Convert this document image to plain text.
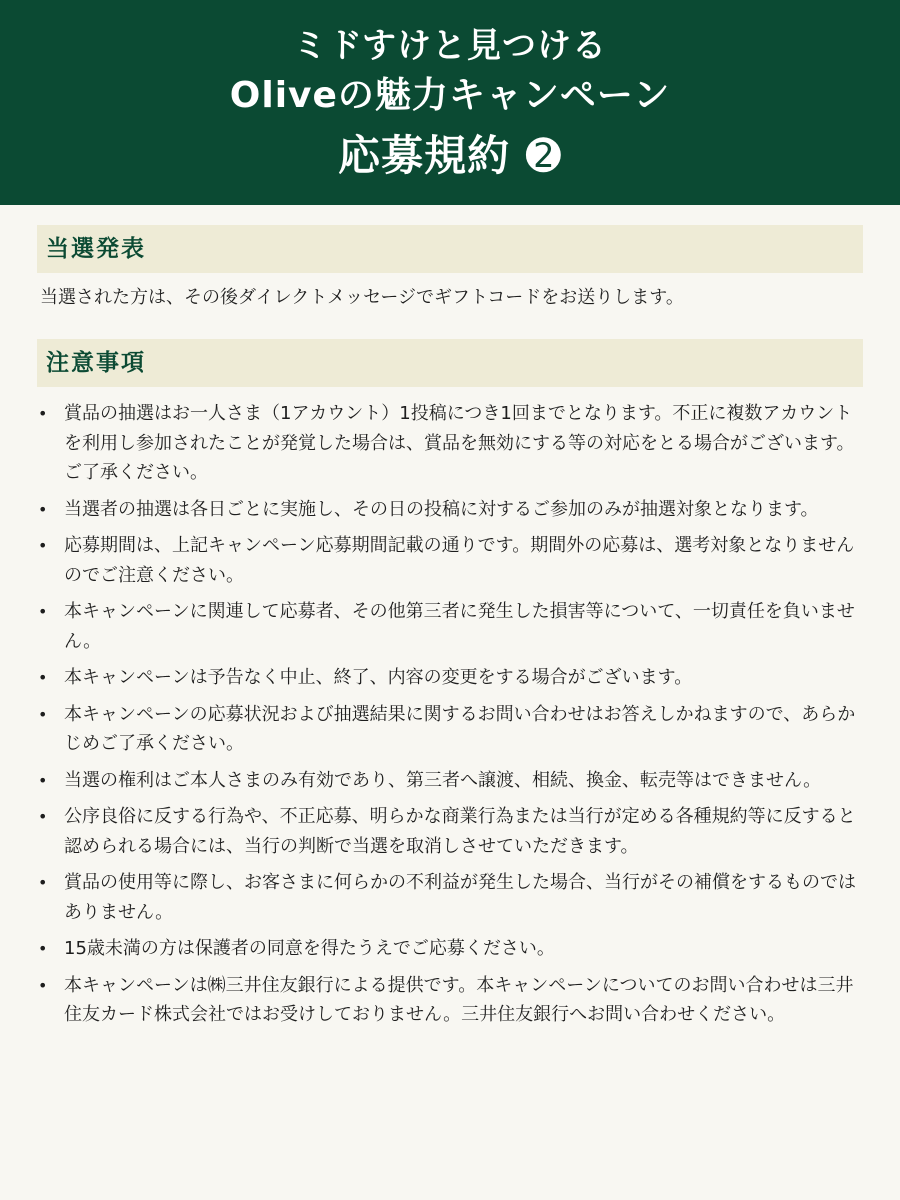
ミドすけと見つける
Oliveの魅力キャンペーン
応募規約 ➋
当選発表
当選された方は、その後ダイレクトメッセージでギフトコードをお送りします。
注意事項
• 賞品の抽選はお一人さま（1アカウント）1投稿につき1回までとなります。不正に複数アカウントを利用し参加されたことが発覚した場合は、賞品を無効にする等の対応をとる場合がございます。ご了承ください。
• 当選者の抽選は各日ごとに実施し、その日の投稿に対するご参加のみが抽選対象となります。
• 応募期間は、上記キャンペーン応募期間記載の通りです。期間外の応募は、選考対象となりませんのでご注意ください。
• 本キャンペーンに関連して応募者、その他第三者に発生した損害等について、一切責任を負いません。
• 本キャンペーンは予告なく中止、終了、内容の変更をする場合がございます。
• 本キャンペーンの応募状況および抽選結果に関するお問い合わせはお答えしかねますので、あらかじめご了承ください。
• 当選の権利はご本人さまのみ有効であり、第三者へ譲渡、相続、換金、転売等はできません。
• 公序良俗に反する行為や、不正応募、明らかな商業行為または当行が定める各種規約等に反すると認められる場合には、当行の判断で当選を取消しさせていただきます。
• 賞品の使用等に際し、お客さまに何らかの不利益が発生した場合、当行がその補償をするものではありません。
• 15歳未満の方は保護者の同意を得たうえでご応募ください。
• 本キャンペーンは㈱三井住友銀行による提供です。本キャンペーンについてのお問い合わせは三井住友カード株式会社ではお受けしておりません。三井住友銀行へお問い合わせください。
